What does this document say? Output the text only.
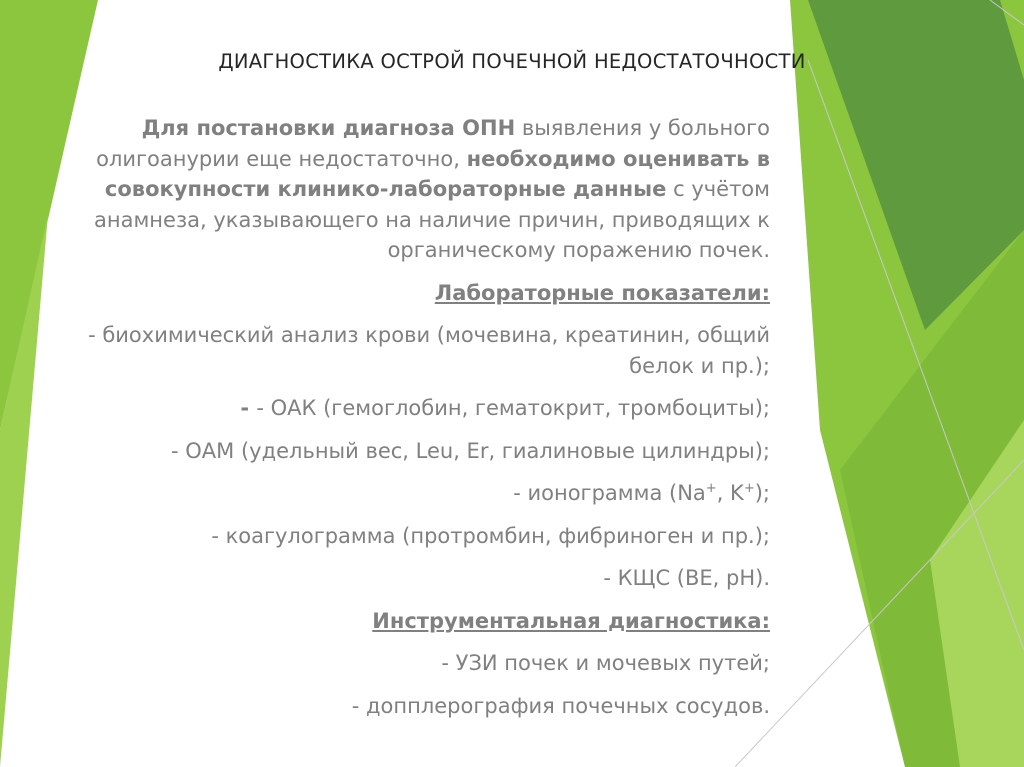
ДИАГНОСТИКА ОСТРОЙ ПОЧЕЧНОЙ НЕДОСТАТОЧНОСТИ

Для постановки диагноза ОПН выявления у больного олигоанурии еще недостаточно, необходимо оценивать в совокупности клинико-лабораторные данные с учётом анамнеза, указывающего на наличие причин, приводящих к органическому поражению почек.

Лабораторные показатели:

- биохимический анализ крови (мочевина, креатинин, общий белок и пр.);

- - ОАК (гемоглобин, гематокрит, тромбоциты);

- ОАМ (удельный вес, Leu, Er, гиалиновые цилиндры);

- ионограмма (Na+, K+);

- коагулограмма (протромбин, фибриноген и пр.);

- КЩС (BE, pH).

Инструментальная диагностика:

- УЗИ почек и мочевых путей;

- допплерография почечных сосудов.
